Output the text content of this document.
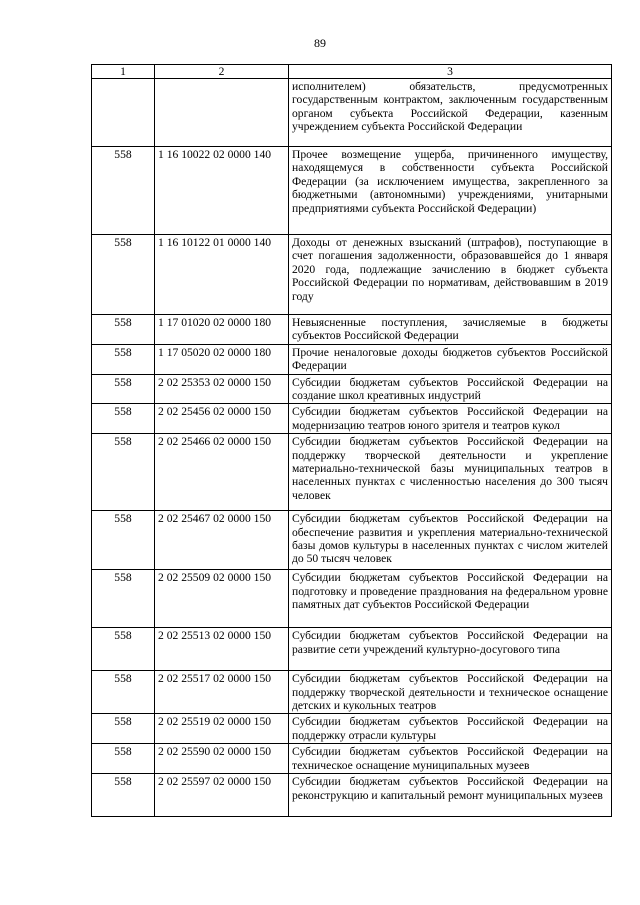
89
1	2	3
		исполнителем) обязательств, предусмотренных государственным контрактом, заключенным государственным органом субъекта Российской Федерации, казенным учреждением субъекта Российской Федерации
558	1 16 10022 02 0000 140	Прочее возмещение ущерба, причиненного имуществу, находящемуся в собственности субъекта Российской Федерации (за исключением имущества, закрепленного за бюджетными (автономными) учреждениями, унитарными предприятиями субъекта Российской Федерации)
558	1 16 10122 01 0000 140	Доходы от денежных взысканий (штрафов), поступающие в счет погашения задолженности, образовавшейся до 1 января 2020 года, подлежащие зачислению в бюджет субъекта Российской Федерации по нормативам, действовавшим в 2019 году
558	1 17 01020 02 0000 180	Невыясненные поступления, зачисляемые в бюджеты субъектов Российской Федерации
558	1 17 05020 02 0000 180	Прочие неналоговые доходы бюджетов субъектов Российской Федерации
558	2 02 25353 02 0000 150	Субсидии бюджетам субъектов Российской Федерации на создание школ креативных индустрий
558	2 02 25456 02 0000 150	Субсидии бюджетам субъектов Российской Федерации на модернизацию театров юного зрителя и театров кукол
558	2 02 25466 02 0000 150	Субсидии бюджетам субъектов Российской Федерации на поддержку творческой деятельности и укрепление материально-технической базы муниципальных театров в населенных пунктах с численностью населения до 300 тысяч человек
558	2 02 25467 02 0000 150	Субсидии бюджетам субъектов Российской Федерации на обеспечение развития и укрепления материально-технической базы домов культуры в населенных пунктах с числом жителей до 50 тысяч человек
558	2 02 25509 02 0000 150	Субсидии бюджетам субъектов Российской Федерации на подготовку и проведение празднования на федеральном уровне памятных дат субъектов Российской Федерации
558	2 02 25513 02 0000 150	Субсидии бюджетам субъектов Российской Федерации на развитие сети учреждений культурно-досугового типа
558	2 02 25517 02 0000 150	Субсидии бюджетам субъектов Российской Федерации на поддержку творческой деятельности и техническое оснащение детских и кукольных театров
558	2 02 25519 02 0000 150	Субсидии бюджетам субъектов Российской Федерации на поддержку отрасли культуры
558	2 02 25590 02 0000 150	Субсидии бюджетам субъектов Российской Федерации на техническое оснащение муниципальных музеев
558	2 02 25597 02 0000 150	Субсидии бюджетам субъектов Российской Федерации на реконструкцию и капитальный ремонт муниципальных музеев
